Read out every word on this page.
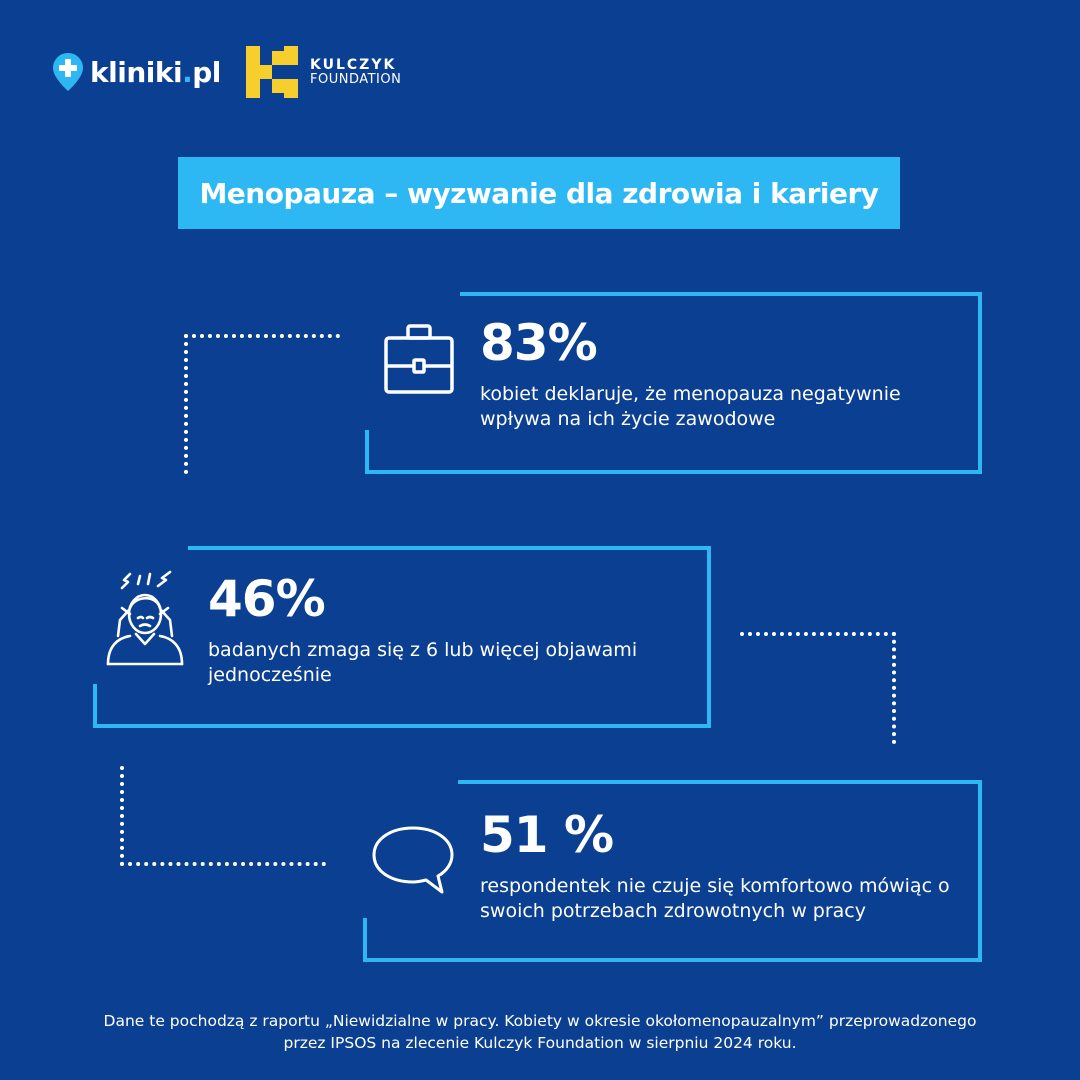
kliniki.pl	KULCZYK
FOUNDATION
Menopauza – wyzwanie dla zdrowia i kariery
83%
kobiet deklaruje, że menopauza negatywnie
wpływa na ich życie zawodowe
46%
badanych zmaga się z 6 lub więcej objawami
jednocześnie
51 %
respondentek nie czuje się komfortowo mówiąc o
swoich potrzebach zdrowotnych w pracy
Dane te pochodzą z raportu „Niewidzialne w pracy. Kobiety w okresie okołomenopauzalnym” przeprowadzonego
przez IPSOS na zlecenie Kulczyk Foundation w sierpniu 2024 roku.
